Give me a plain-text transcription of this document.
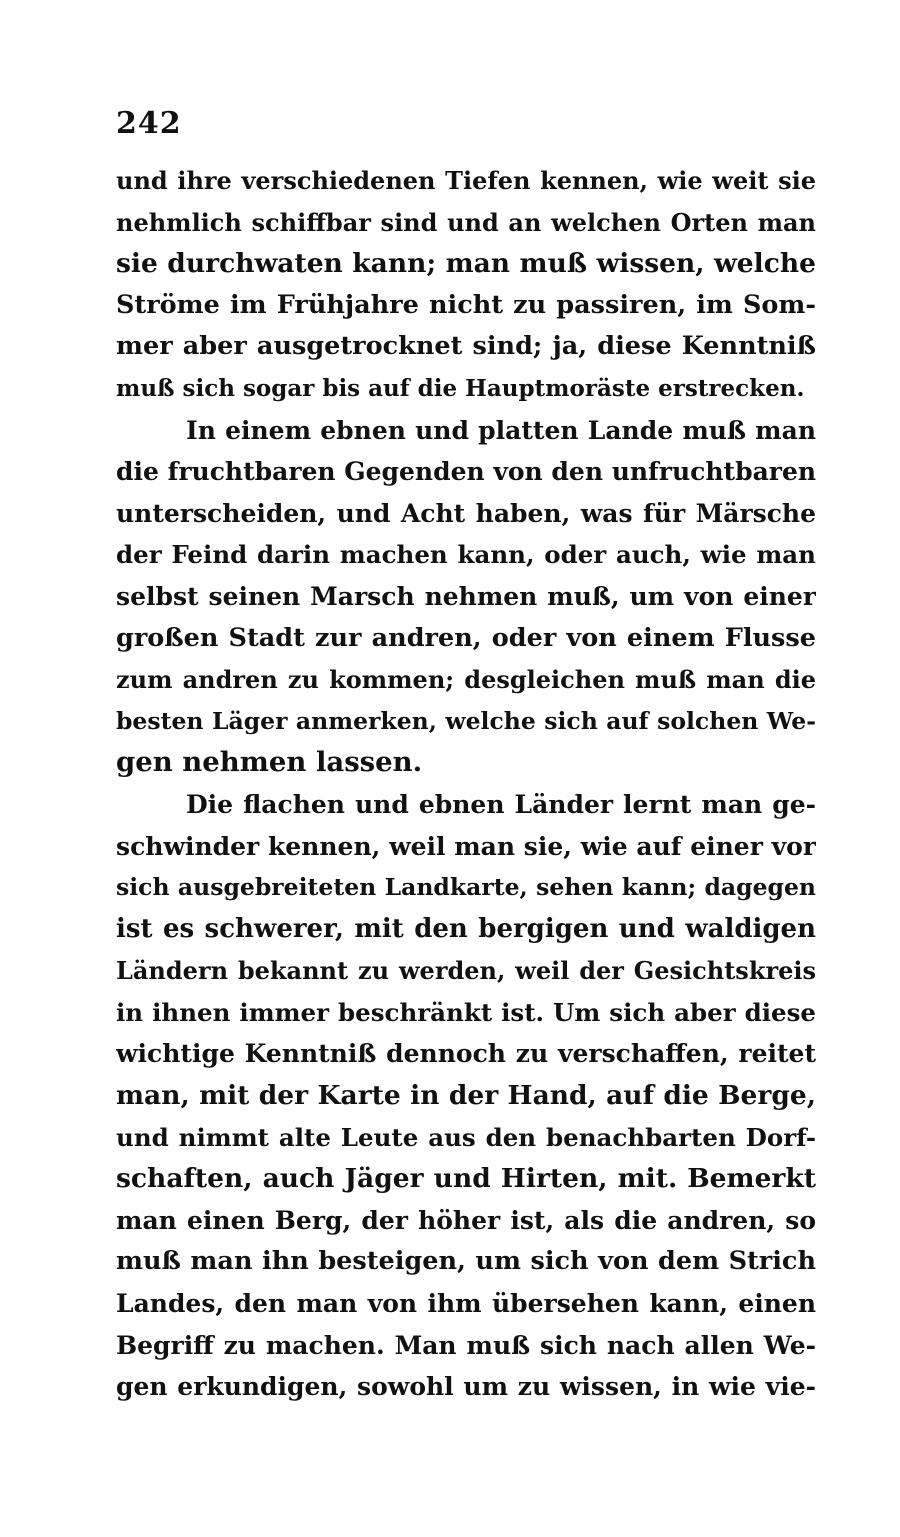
242
und ihre verschiedenen Tiefen kennen, wie weit sie
nehmlich schiffbar sind und an welchen Orten man
sie durchwaten kann; man muß wissen, welche
Ströme im Frühjahre nicht zu passiren, im Som-
mer aber ausgetrocknet sind; ja, diese Kenntniß
muß sich sogar bis auf die Hauptmoräste erstrecken.
In einem ebnen und platten Lande muß man
die fruchtbaren Gegenden von den unfruchtbaren
unterscheiden, und Acht haben, was für Märsche
der Feind darin machen kann, oder auch, wie man
selbst seinen Marsch nehmen muß, um von einer
großen Stadt zur andren, oder von einem Flusse
zum andren zu kommen; desgleichen muß man die
besten Läger anmerken, welche sich auf solchen We-
gen nehmen lassen.
Die flachen und ebnen Länder lernt man ge-
schwinder kennen, weil man sie, wie auf einer vor
sich ausgebreiteten Landkarte, sehen kann; dagegen
ist es schwerer, mit den bergigen und waldigen
Ländern bekannt zu werden, weil der Gesichtskreis
in ihnen immer beschränkt ist. Um sich aber diese
wichtige Kenntniß dennoch zu verschaffen, reitet
man, mit der Karte in der Hand, auf die Berge,
und nimmt alte Leute aus den benachbarten Dorf-
schaften, auch Jäger und Hirten, mit. Bemerkt
man einen Berg, der höher ist, als die andren, so
muß man ihn besteigen, um sich von dem Strich
Landes, den man von ihm übersehen kann, einen
Begriff zu machen. Man muß sich nach allen We-
gen erkundigen, sowohl um zu wissen, in wie vie-
